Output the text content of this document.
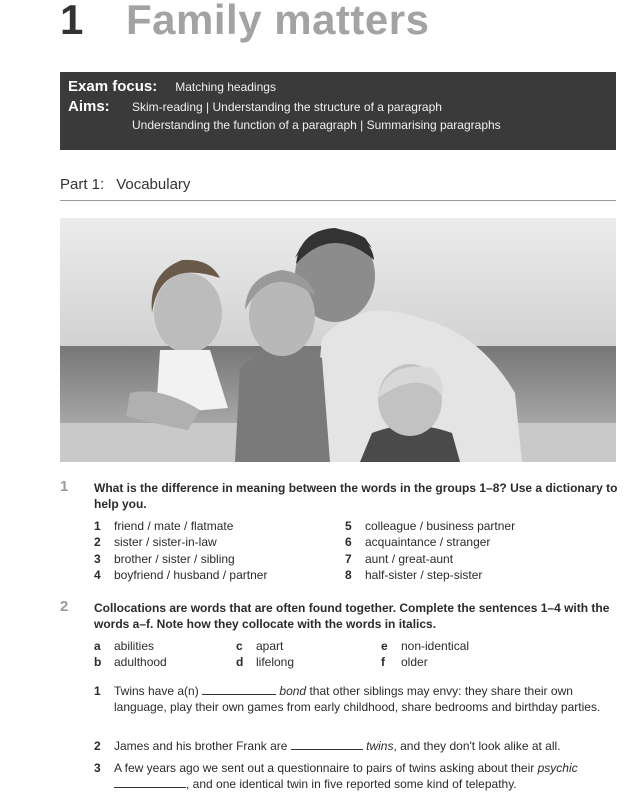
1	Family matters
Exam focus: Matching headings
Aims:	Skim-reading | Understanding the structure of a paragraph
Understanding the function of a paragraph | Summarising paragraphs
Part 1: Vocabulary
1 What is the difference in meaning between the words in the groups 1–8? Use a dictionary to help you.
1 friend / mate / flatmate
2 sister / sister-in-law
3 brother / sister / sibling
4 boyfriend / husband / partner
5 colleague / business partner
6 acquaintance / stranger
7 aunt / great-aunt
8 half-sister / step-sister
2 Collocations are words that are often found together. Complete the sentences 1–4 with the words a–f. Note how they collocate with the words in italics.
a abilities
b adulthood
c apart
d lifelong
e non-identical
f older
1	Twins have a(n)	bond that other siblings may envy: they share their own language, play their own games from early childhood, share bedrooms and birthday parties.
2	James and his brother Frank are	twins, and they don't look alike at all.
3	A few years ago we sent out a questionnaire to pairs of twins asking about their psychic , and one identical twin in five reported some kind of telepathy.
